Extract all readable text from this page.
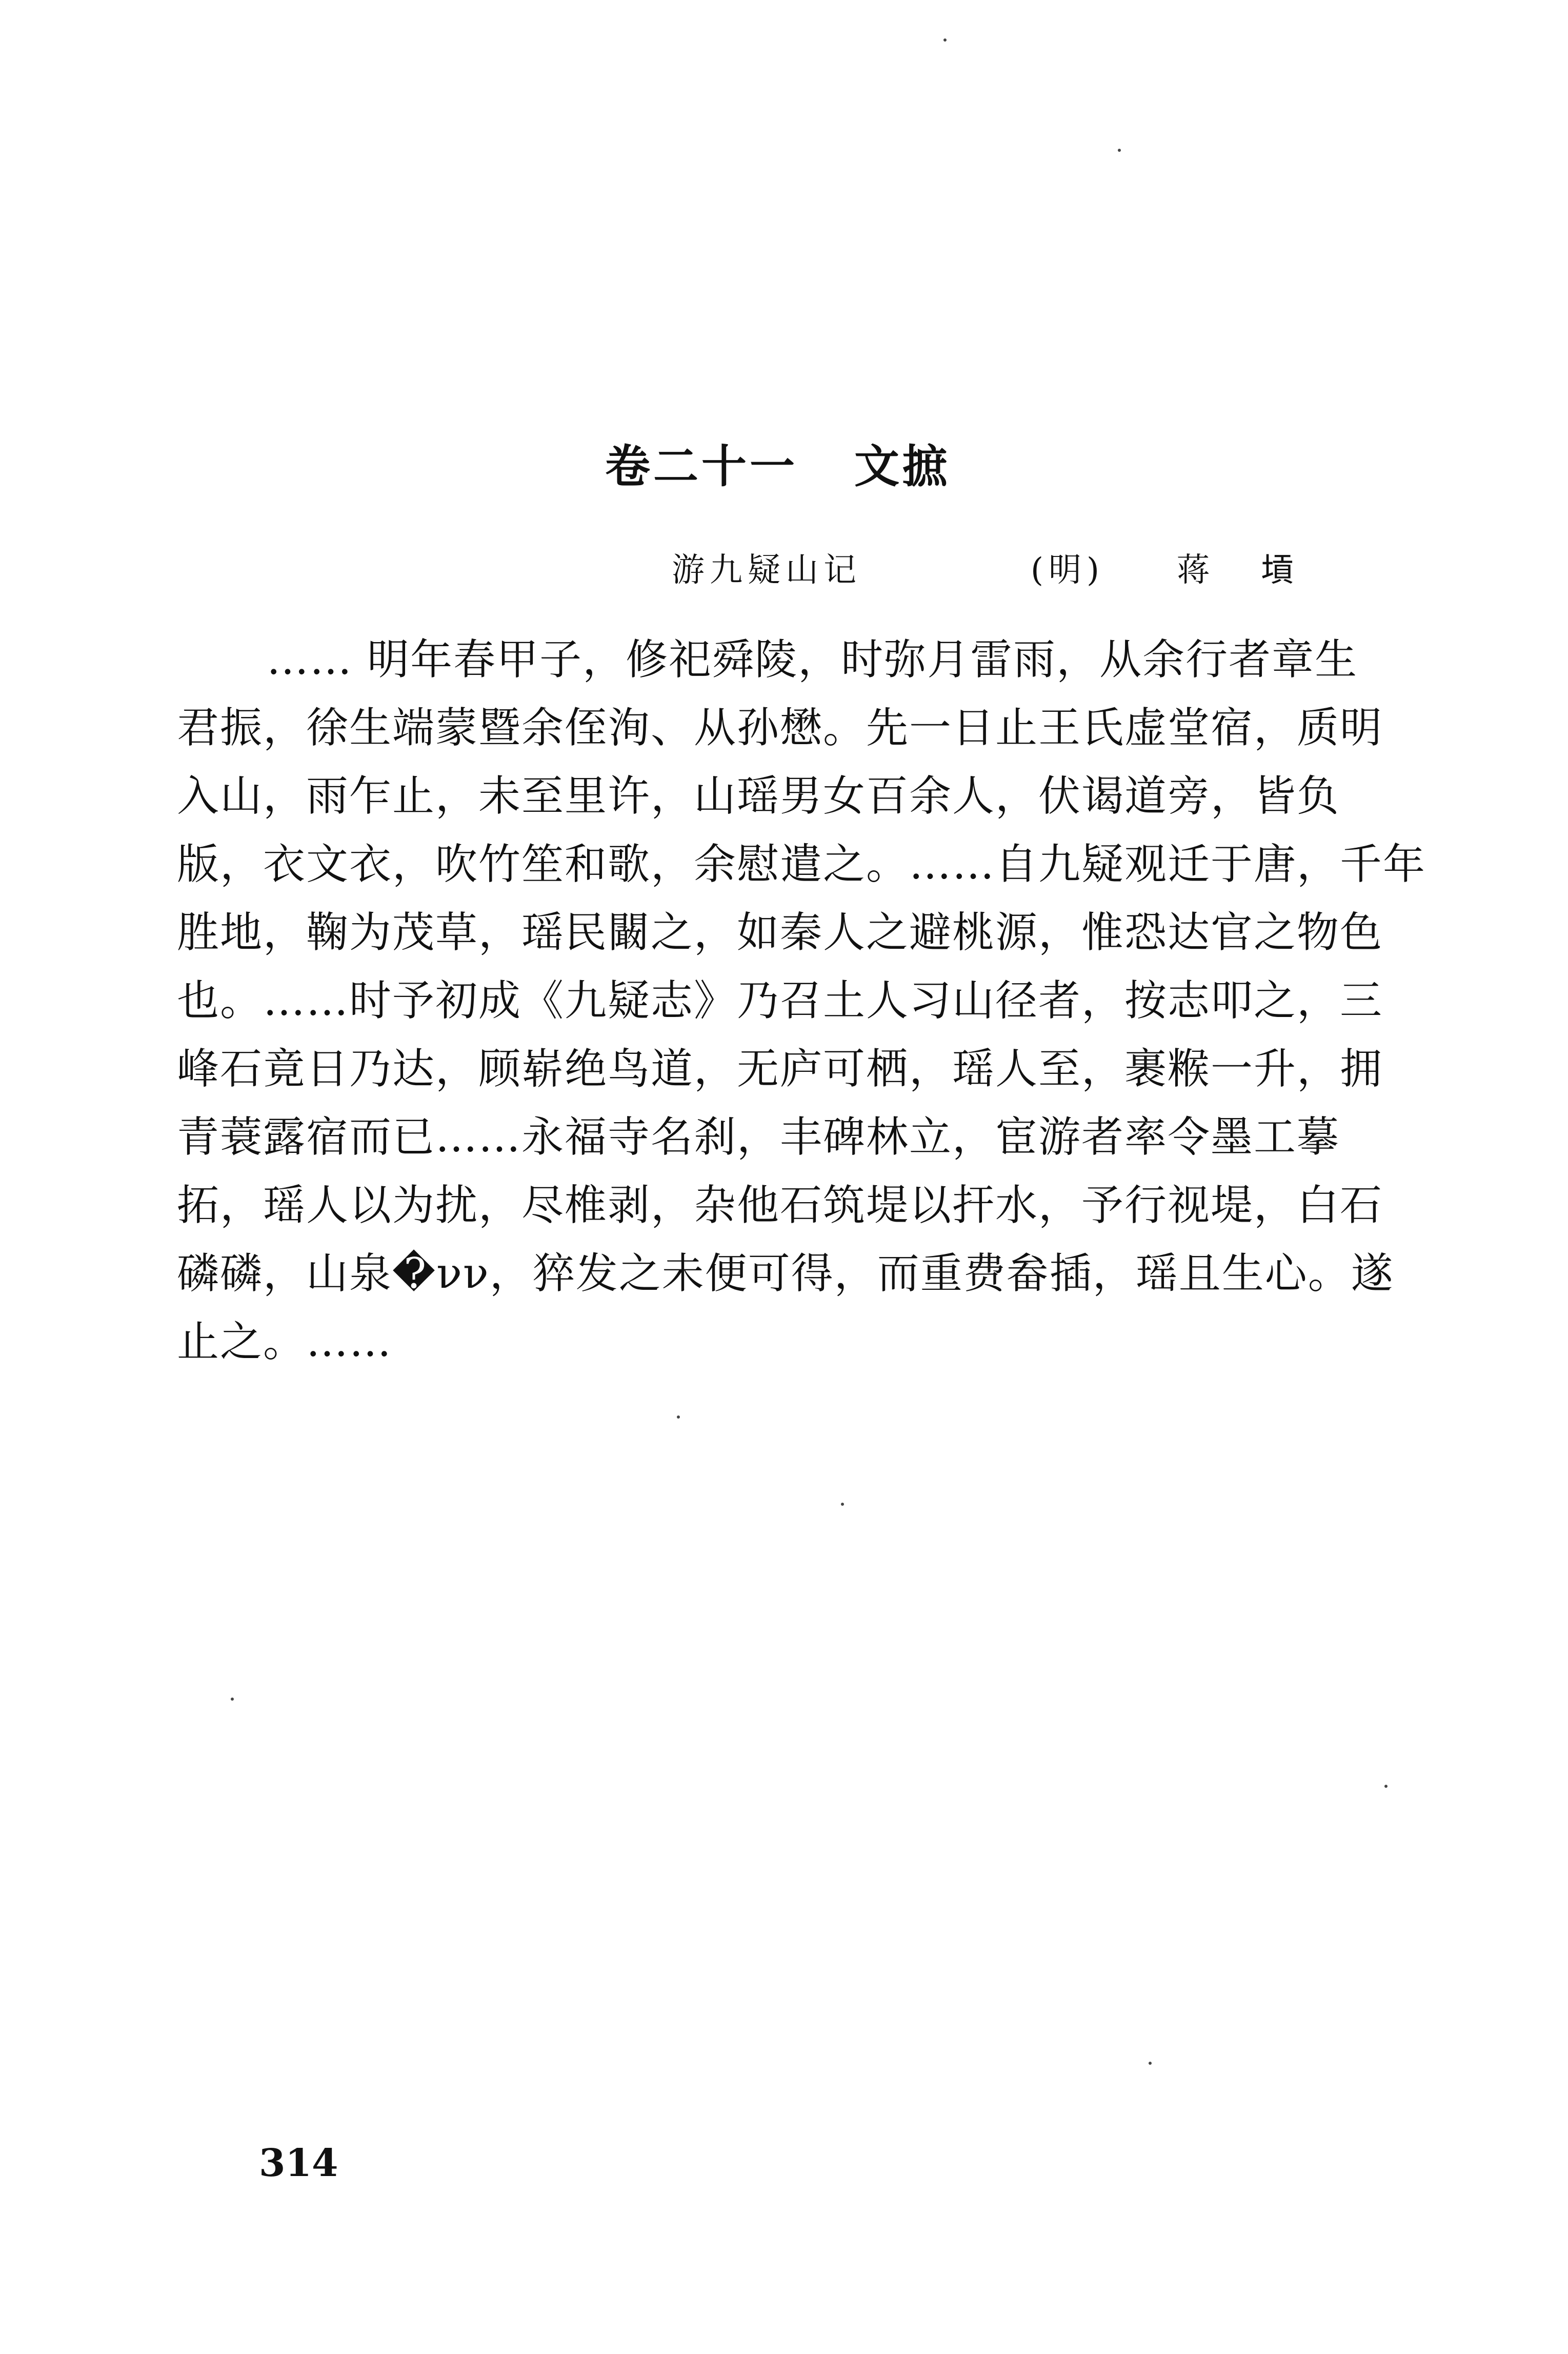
卷二十一 文摭
游九疑山记	(明) 蒋 𡎴
…… 明年春甲子，修祀舜陵，时弥月雷雨，从余行者章生
君振，徐生端蒙暨余侄洵、从孙懋。先一日止王氏虚堂宿，质明
入山，雨乍止，未至里许，山瑶男女百余人，伏谒道旁，皆负
版，衣文衣，吹竹笙和歌，余慰遣之。……自九疑观迁于唐，千年
胜地，鞠为茂草，瑶民闞之，如秦人之避桃源，惟恐达官之物色
也。……时予初成《九疑志》乃召土人习山径者，按志叩之，三
峰石竟日乃达，顾崭绝鸟道，无庐可栖，瑶人至，裹糇一升，拥
青蓑露宿而已……永福寺名刹，丰碑林立，宦游者率令墨工摹
拓，瑶人以为扰，尽椎剥，杂他石筑堤以扞水，予行视堤，白石
磷磷，山泉�νν，猝发之未便可得，而重费畚插，瑶且生心。遂
止之。……
314
